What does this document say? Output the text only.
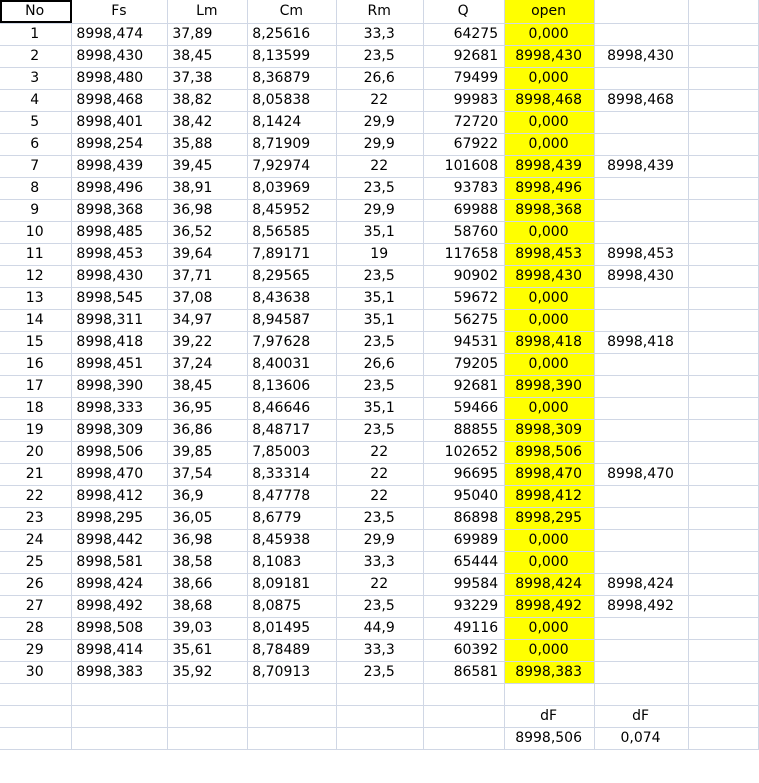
No	Fs	Lm	Cm	Rm	Q	open		
1	8998,474	37,89	8,25616	33,3	64275	0,000		
2	8998,430	38,45	8,13599	23,5	92681	8998,430	8998,430	
3	8998,480	37,38	8,36879	26,6	79499	0,000		
4	8998,468	38,82	8,05838	22	99983	8998,468	8998,468	
5	8998,401	38,42	8,1424	29,9	72720	0,000		
6	8998,254	35,88	8,71909	29,9	67922	0,000		
7	8998,439	39,45	7,92974	22	101608	8998,439	8998,439	
8	8998,496	38,91	8,03969	23,5	93783	8998,496		
9	8998,368	36,98	8,45952	29,9	69988	8998,368		
10	8998,485	36,52	8,56585	35,1	58760	0,000		
11	8998,453	39,64	7,89171	19	117658	8998,453	8998,453	
12	8998,430	37,71	8,29565	23,5	90902	8998,430	8998,430	
13	8998,545	37,08	8,43638	35,1	59672	0,000		
14	8998,311	34,97	8,94587	35,1	56275	0,000		
15	8998,418	39,22	7,97628	23,5	94531	8998,418	8998,418	
16	8998,451	37,24	8,40031	26,6	79205	0,000		
17	8998,390	38,45	8,13606	23,5	92681	8998,390		
18	8998,333	36,95	8,46646	35,1	59466	0,000		
19	8998,309	36,86	8,48717	23,5	88855	8998,309		
20	8998,506	39,85	7,85003	22	102652	8998,506		
21	8998,470	37,54	8,33314	22	96695	8998,470	8998,470	
22	8998,412	36,9	8,47778	22	95040	8998,412		
23	8998,295	36,05	8,6779	23,5	86898	8998,295		
24	8998,442	36,98	8,45938	29,9	69989	0,000		
25	8998,581	38,58	8,1083	33,3	65444	0,000		
26	8998,424	38,66	8,09181	22	99584	8998,424	8998,424	
27	8998,492	38,68	8,0875	23,5	93229	8998,492	8998,492	
28	8998,508	39,03	8,01495	44,9	49116	0,000		
29	8998,414	35,61	8,78489	33,3	60392	0,000		
30	8998,383	35,92	8,70913	23,5	86581	8998,383		

						dF	dF	
						8998,506	0,074	
